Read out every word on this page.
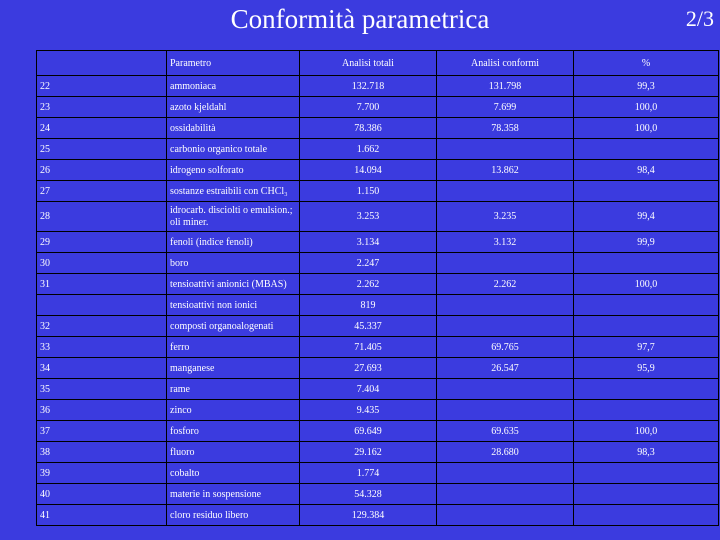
Conformità parametrica	2/3
	Parametro	Analisi totali	Analisi conformi	%
22	ammoniaca	132.718	131.798	99,3
23	azoto kjeldahl	7.700	7.699	100,0
24	ossidabilità	78.386	78.358	100,0
25	carbonio organico totale	1.662		
26	idrogeno solforato	14.094	13.862	98,4
27	sostanze estraibili con CHCl₃	1.150		
28	idrocarb. disciolti o emulsion.; oli miner.	3.253	3.235	99,4
29	fenoli (indice fenoli)	3.134	3.132	99,9
30	boro	2.247		
31	tensioattivi anionici (MBAS)	2.262	2.262	100,0
	tensioattivi non ionici	819		
32	composti organoalogenati	45.337		
33	ferro	71.405	69.765	97,7
34	manganese	27.693	26.547	95,9
35	rame	7.404		
36	zinco	9.435		
37	fosforo	69.649	69.635	100,0
38	fluoro	29.162	28.680	98,3
39	cobalto	1.774		
40	materie in sospensione	54.328		
41	cloro residuo libero	129.384		
